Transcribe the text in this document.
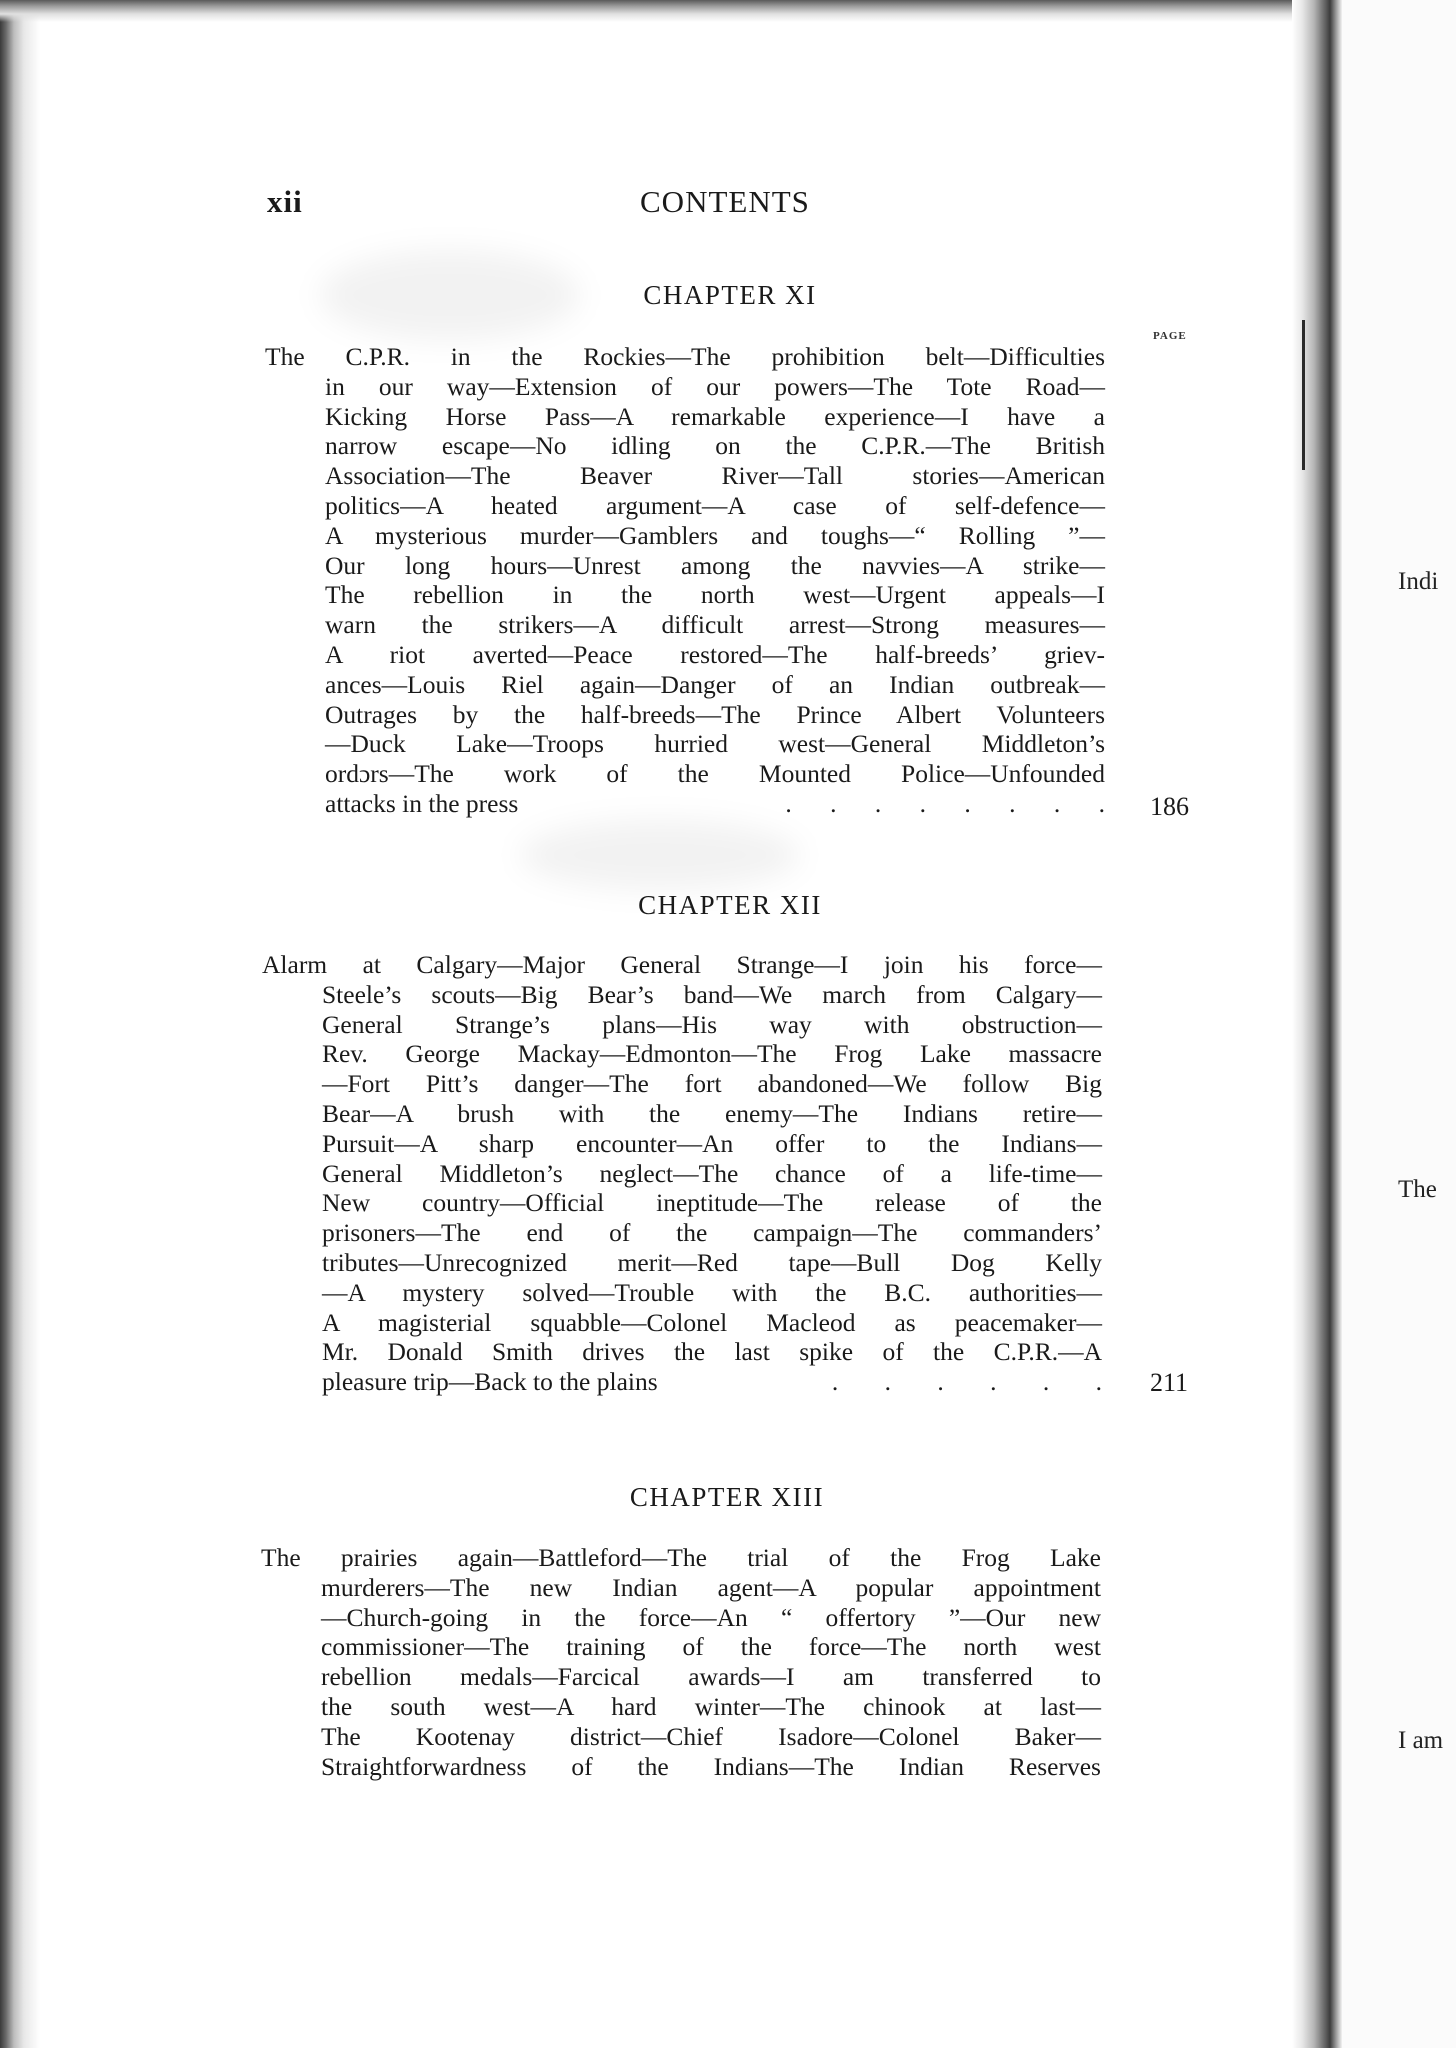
xii	CONTENTS
PAGE
CHAPTER XI
The C.P.R. in the Rockies—The prohibition belt—Difficulties
in our way—Extension of our powers—The Tote Road—
Kicking Horse Pass—A remarkable experience—I have a
narrow escape—No idling on the C.P.R.—The British
Association—The Beaver River—Tall stories—American
politics—A heated argument—A case of self-defence—
A mysterious murder—Gamblers and toughs—“ Rolling ”—
Our long hours—Unrest among the navvies—A strike—
The rebellion in the north west—Urgent appeals—I
warn the strikers—A difficult arrest—Strong measures—
A riot averted—Peace restored—The half-breeds’ griev-
ances—Louis Riel again—Danger of an Indian outbreak—
Outrages by the half-breeds—The Prince Albert Volunteers
—Duck Lake—Troops hurried west—General Middleton’s
ordɔrs—The work of the Mounted Police—Unfounded
attacks in the press	. . . . . . . . 186
CHAPTER XII
Alarm at Calgary—Major General Strange—I join his force—
Steele’s scouts—Big Bear’s band—We march from Calgary—
General Strange’s plans—His way with obstruction—
Rev. George Mackay—Edmonton—The Frog Lake massacre
—Fort Pitt’s danger—The fort abandoned—We follow Big
Bear—A brush with the enemy—The Indians retire—
Pursuit—A sharp encounter—An offer to the Indians—
General Middleton’s neglect—The chance of a life-time—
New country—Official ineptitude—The release of the
prisoners—The end of the campaign—The commanders’
tributes—Unrecognized merit—Red tape—Bull Dog Kelly
—A mystery solved—Trouble with the B.C. authorities—
A magisterial squabble—Colonel Macleod as peacemaker—
Mr. Donald Smith drives the last spike of the C.P.R.—A
pleasure trip—Back to the plains	. . . . . . 211
CHAPTER XIII
The prairies again—Battleford—The trial of the Frog Lake
murderers—The new Indian agent—A popular appointment
—Church-going in the force—An “ offertory ”—Our new
commissioner—The training of the force—The north west
rebellion medals—Farcical awards—I am transferred to
the south west—A hard winter—The chinook at last—
The Kootenay district—Chief Isadore—Colonel Baker—
Straightforwardness of the Indians—The Indian Reserves
Indi
The
I am
